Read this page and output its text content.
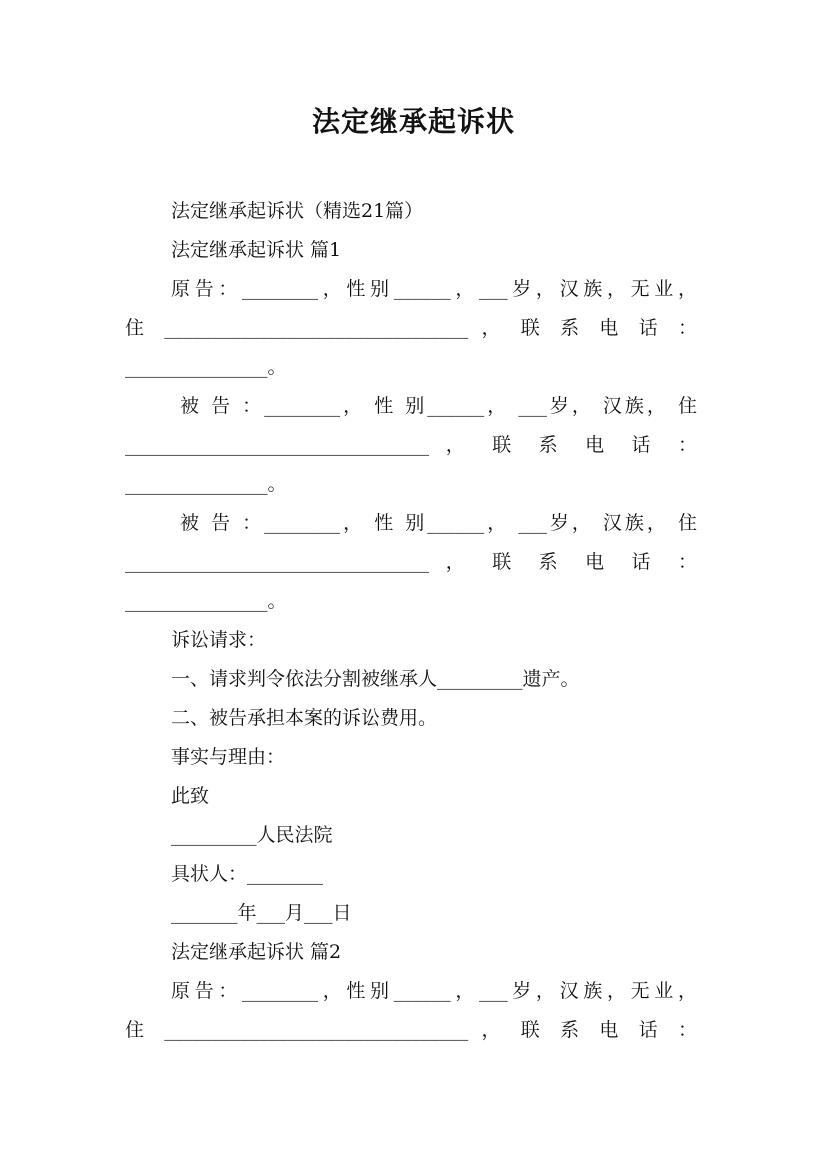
法定继承起诉状
法定继承起诉状（精选21篇）
法定继承起诉状 篇1
原告：________，性别______，___岁，汉族，无业，
住 ________________________________ ， 联 系 电 话 ：
_______________。
被 告 ：________， 性 别______， ___岁， 汉族， 住
________________________________ ， 联 系 电 话 ：
_______________。
被 告 ：________， 性 别______， ___岁， 汉族， 住
________________________________ ， 联 系 电 话 ：
_______________。
诉讼请求：
一、请求判令依法分割被继承人_________遗产。
二、被告承担本案的诉讼费用。
事实与理由：
此致
_________人民法院
具状人：________
_______年___月___日
法定继承起诉状 篇2
原告：________，性别______，___岁，汉族，无业，
住 ________________________________ ， 联 系 电 话 ：
